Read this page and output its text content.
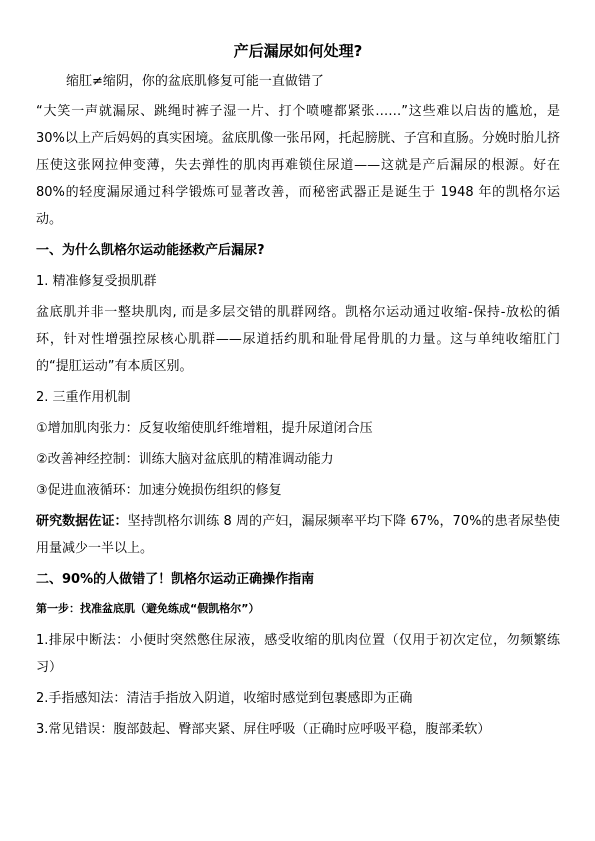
产后漏尿如何处理?
缩肛≠缩阴，你的盆底肌修复可能一直做错了

“大笑一声就漏尿、跳绳时裤子湿一片、打个喷嚏都紧张……”这些难以启齿的尴尬，是 30%以上产后妈妈的真实困境。盆底肌像一张吊网，托起膀胱、子宫和直肠。分娩时胎儿挤压使这张网拉伸变薄，失去弹性的肌肉再难锁住尿道——这就是产后漏尿的根源。好在 80%的轻度漏尿通过科学锻炼可显著改善，而秘密武器正是诞生于 1948 年的凯格尔运动。

一、为什么凯格尔运动能拯救产后漏尿?
1. 精准修复受损肌群

盆底肌并非一整块肌肉, 而是多层交错的肌群网络。凯格尔运动通过收缩-保持-放松的循环，针对性增强控尿核心肌群——尿道括约肌和耻骨尾骨肌的力量。这与单纯收缩肛门的“提肛运动”有本质区别。

2. 三重作用机制
①增加肌肉张力：反复收缩使肌纤维增粗，提升尿道闭合压
②改善神经控制：训练大脑对盆底肌的精准调动能力
③促进血液循环：加速分娩损伤组织的修复

研究数据佐证：坚持凯格尔训练 8 周的产妇，漏尿频率平均下降 67%，70%的患者尿垫使用量减少一半以上。

二、90%的人做错了！凯格尔运动正确操作指南
第一步：找准盆底肌（避免练成“假凯格尔”）

1.排尿中断法：小便时突然憋住尿液，感受收缩的肌肉位置（仅用于初次定位，勿频繁练习）

2.手指感知法：清洁手指放入阴道，收缩时感觉到包裹感即为正确

3.常见错误：腹部鼓起、臀部夹紧、屏住呼吸（正确时应呼吸平稳，腹部柔软）
